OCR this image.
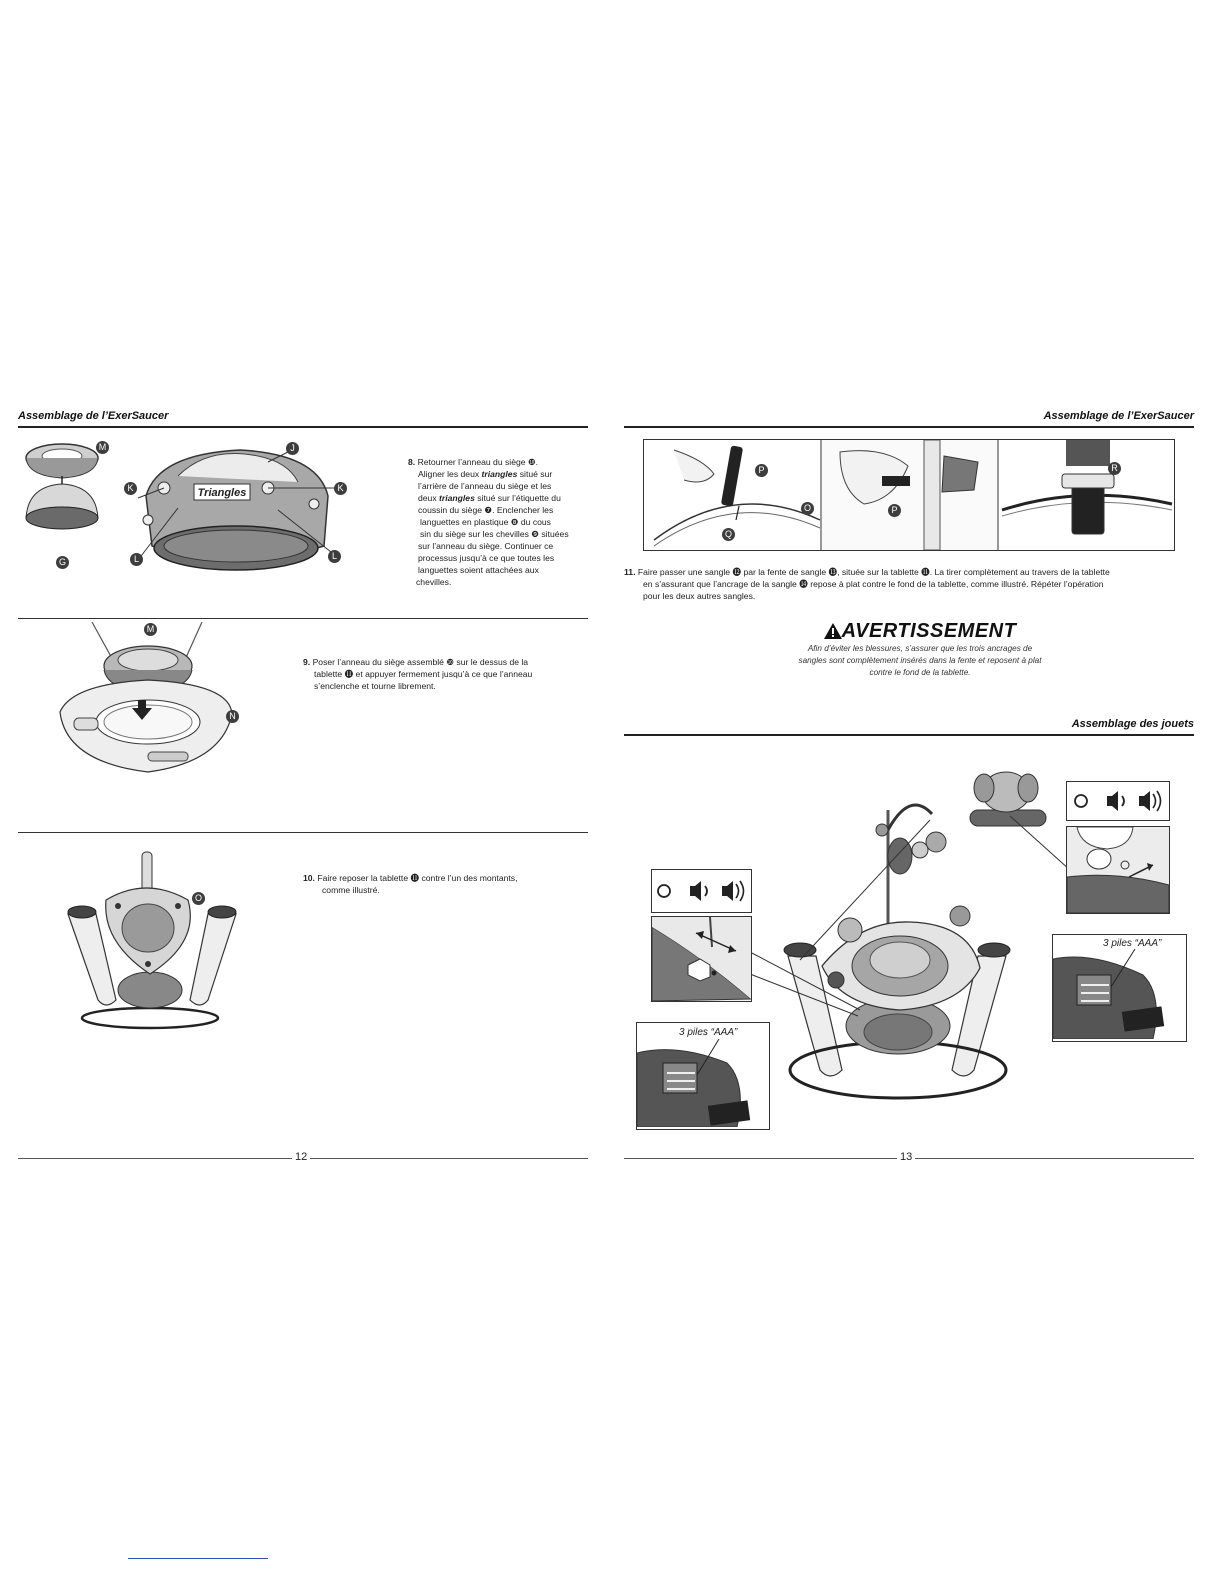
Assemblage de l’ExerSaucer
Triangles
M	J
K	K
G	L	L
8. Retourner l’anneau du siège ❿.
Aligner les deux triangles situé sur
l’arrière de l’anneau du siège et les
deux triangles situé sur l’étiquette du
coussin du siège ❼. Enclencher les
languettes en plastique ❽ du cous
sin du siège sur les chevilles ❾ situées
sur l’anneau du siège. Continuer ce
processus jusqu’à ce que toutes les
languettes soient attachées aux
chevilles.
M
N
9. Poser l’anneau du siège assemblé ❿ sur le dessus de la
tablette ⓫ et appuyer fermement jusqu’à ce que l’anneau
s’enclenche et tourne librement.
O
10. Faire reposer la tablette ⓫ contre l’un des montants,
comme illustré.
12
Assemblage de l’ExerSaucer
P
O
Q
P
R
11. Faire passer une sangle ⓬ par la fente de sangle ⓭, située sur la tablette ⓫. La tirer complètement au travers de la tablette
en s’assurant que l’ancrage de la sangle ⓮ repose à plat contre le fond de la tablette, comme illustré. Répéter l’opération
pour les deux autres sangles.
AVERTISSEMENT
Afin d’éviter les blessures, s’assurer que les trois ancrages de
sangles sont complètement insérés dans la fente et reposent à plat
contre le fond de la tablette.
Assemblage des jouets
3 piles “AAA”
3 piles “AAA”
13
